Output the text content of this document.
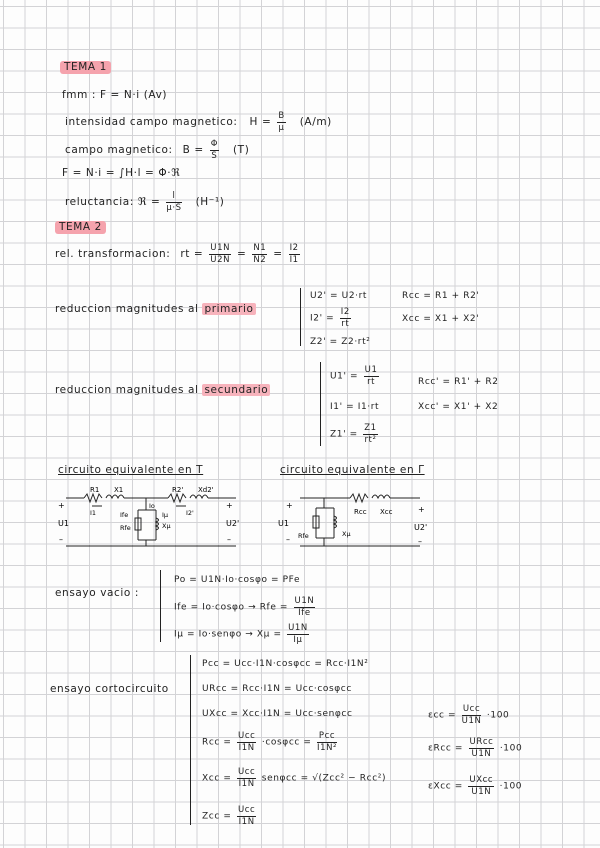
TEMA 1
fmm : F = N·i (Av)
intensidad campo magnetico: $H = \frac{B}{\mu} (A/m)$
campo magnetico: $B = \frac{\Phi}{S} (T)$
F = N·i = ∫H·l = Φ·ℜ
reluctancia: ℜ = $\frac{l}{\mu\cdot S} (H^{-1})$
TEMA 2
rel. transformacion: rt = $\frac{U1N}{U2N} = \frac{N1}{N2} = \frac{I2}{I1}$
reduccion magnitudes al primario
U2' = U2·rt
$I2' = \frac{I2}{rt}$
Z2' = Z2·rt²
Rcc = R1 + R2'
Xcc = X1 + X2'
reduccion magnitudes al secundario
$U1' = \frac{U1}{rt}$
I1' = I1·rt
$Z1' = \frac{Z1}{\text{rt²}}$
Rcc' = R1' + R2
Xcc' = X1' + X2
circuito equivalente en T	circuito equivalente en Γ
R1 X1	R2' Xd2'
I1	I2'
Io
Ife	Iμ
Rfe	Xμ
+
U1
–
+
U2'
–
Rcc Xcc
Rfe	Xμ
+
U1
–
+
U2'
–
ensayo vacio :
Po = U1N·Io·cosφo = PFe
Ife = Io·cosφo → Rfe = $\frac{U1N}{\text{Ife}}$
$I\mu = Io\cdot sen\varphi o \to X\mu = \frac{U1N}{I\mu}$
ensayo cortocircuito
Pcc = Ucc·I1N·cosφcc = Rcc·I1N²
URcc = Rcc·I1N = Ucc·cosφcc
UXcc = Xcc·I1N = Ucc·senφcc
Rcc = $\frac{\text{Ucc}}{I1N} \cdot\cos\varphi cc = \frac{\text{Pcc}}{\text{I1N²}}$
Xcc = $\frac{\text{Ucc}}{I1N}$ senφcc = √(Zcc² − Rcc²)
Zcc = $\frac{\text{Ucc}}{I1N}$
$\varepsilon cc = \frac{\text{Ucc}}{U1N} \cdot 100$
$\varepsilon Rcc = \frac{\text{URcc}}{U1N} \cdot 100$
$\varepsilon Xcc = \frac{\text{UXcc}}{U1N} \cdot 100$
